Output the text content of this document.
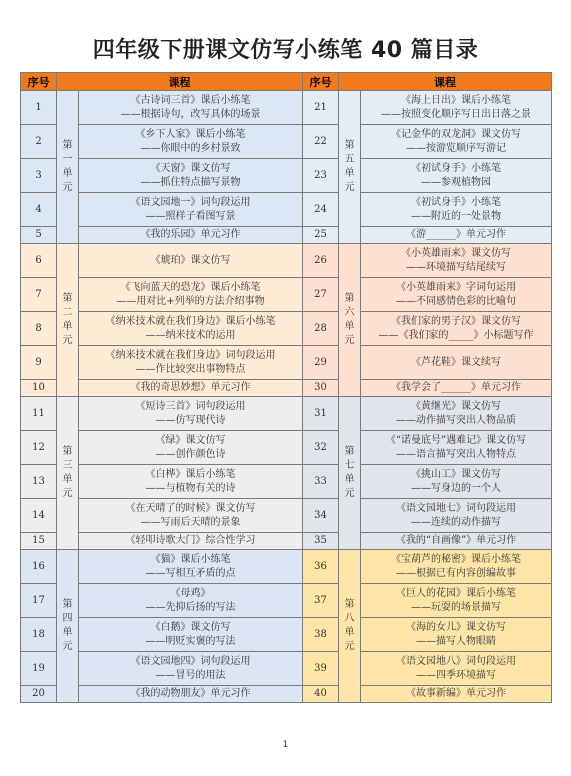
四年级下册课文仿写小练笔 40 篇目录
序号	课程		序号	课程	
1	第一单元	《古诗词三首》课后小练笔
——根据诗句，改写具体的场景	21	第五单元	《海上日出》课后小练笔
——按照变化顺序写日出日落之景

2		《乡下人家》课后小练笔
——你眼中的乡村景致	22		《记金华的双龙洞》课文仿写
——按游览顺序写游记

3		《天窗》课文仿写
——抓住特点描写景物	23		《初试身手》小练笔
——参观植物园

4		《语文园地一》词句段运用
——照样子看图写景	24		《初试身手》小练笔
——附近的一处景物

5		《我的乐园》单元习作	25		《游______》单元习作

6	第二单元	《琥珀》课文仿写	26	第六单元	《小英雄雨来》课文仿写
——环境描写结尾续写

7		《飞向蓝天的恐龙》课后小练笔
——用对比+列举的方法介绍事物	27		《小英雄雨来》字词句运用
——不同感情色彩的比喻句

8		《纳米技术就在我们身边》课后小练笔
——纳米技术的运用	28		《我们家的男子汉》课文仿写
——《我们家的_____》小标题写作

9		《纳米技术就在我们身边》词句段运用
——作比较突出事物特点	29		《芦花鞋》课文续写

10		《我的奇思妙想》单元习作	30		《我学会了______》单元习作

11	第三单元	《短诗三首》词句段运用
——仿写现代诗	31	第七单元	《黄继光》课文仿写
——动作描写突出人物品质

12		《绿》课文仿写
——创作颜色诗	32		《“诺曼底号”遇难记》课文仿写
——语言描写突出人物特点

13		《白桦》课后小练笔
——与植物有关的诗	33		《挑山工》课文仿写
——写身边的一个人

14		《在天晴了的时候》课文仿写
——写雨后天晴的景象	34		《语文园地七》词句段运用
——连续的动作描写

15		《轻叩诗歌大门》综合性学习	35		《我的“自画像”》单元习作

16	第四单元	《猫》课后小练笔
——写相互矛盾的点	36	第八单元	《宝葫芦的秘密》课后小练笔
——根据已有内容创编故事

17		《母鸡》
——先抑后扬的写法	37		《巨人的花园》课后小练笔
——玩耍的场景描写

18		《白鹅》课文仿写
——明贬实褒的写法	38		《海的女儿》课文仿写
——描写人物眼睛

19		《语文园地四》词句段运用
——冒号的用法	39		《语文园地八》词句段运用
——四季环境描写

20		《我的动物朋友》单元习作	40		《故事新编》单元习作
1
